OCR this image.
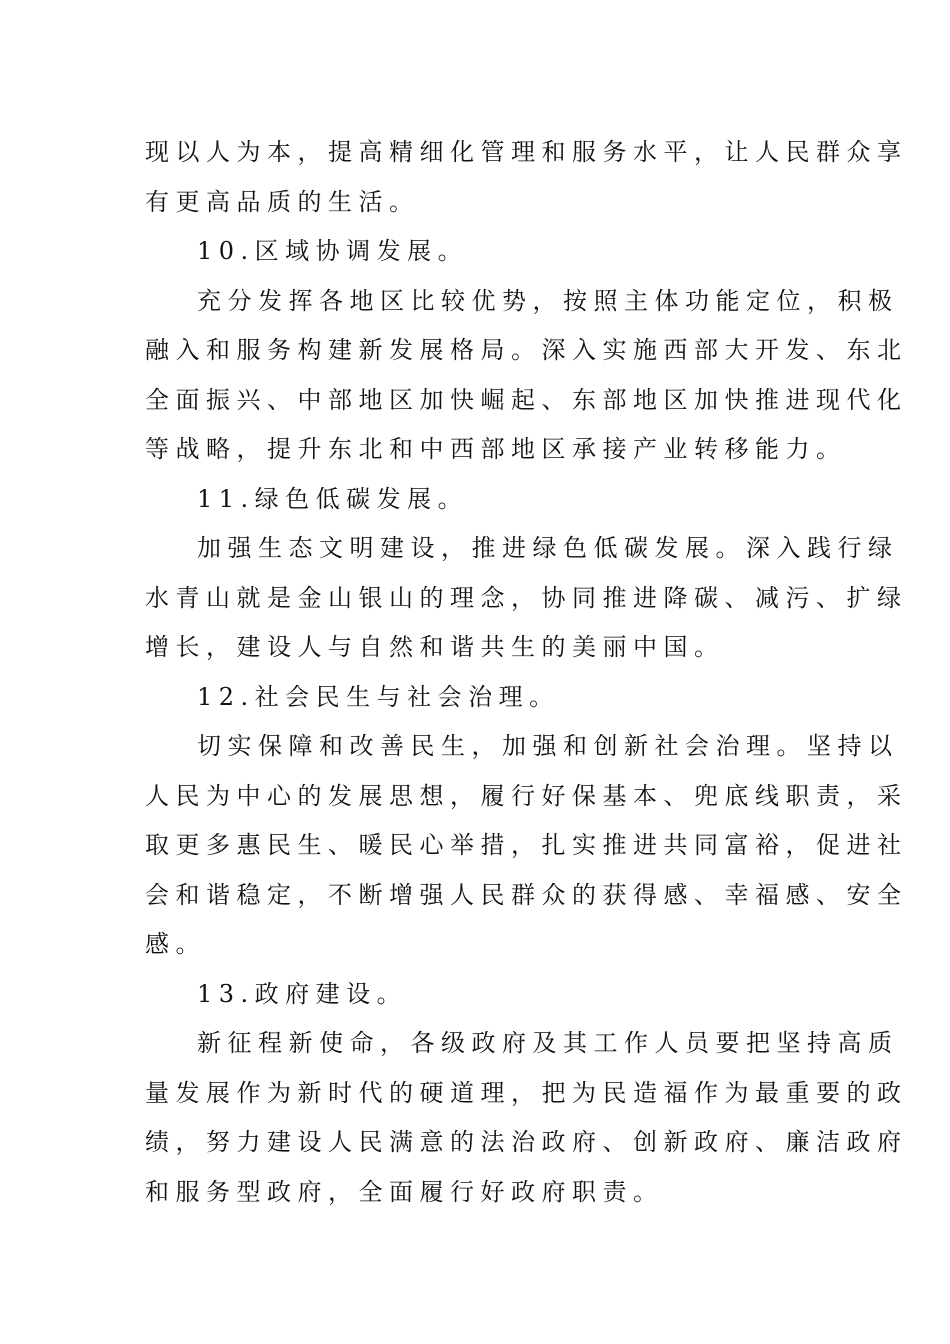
现以人为本，提高精细化管理和服务水平，让人民群众享
有更高品质的生活。
10.区域协调发展。
充分发挥各地区比较优势，按照主体功能定位，积极
融入和服务构建新发展格局。深入实施西部大开发、东北
全面振兴、中部地区加快崛起、东部地区加快推进现代化
等战略，提升东北和中西部地区承接产业转移能力。
11.绿色低碳发展。
加强生态文明建设，推进绿色低碳发展。深入践行绿
水青山就是金山银山的理念，协同推进降碳、减污、扩绿
增长，建设人与自然和谐共生的美丽中国。
12.社会民生与社会治理。
切实保障和改善民生，加强和创新社会治理。坚持以
人民为中心的发展思想，履行好保基本、兜底线职责，采
取更多惠民生、暖民心举措，扎实推进共同富裕，促进社
会和谐稳定，不断增强人民群众的获得感、幸福感、安全
感。
13.政府建设。
新征程新使命，各级政府及其工作人员要把坚持高质
量发展作为新时代的硬道理，把为民造福作为最重要的政
绩，努力建设人民满意的法治政府、创新政府、廉洁政府
和服务型政府，全面履行好政府职责。
